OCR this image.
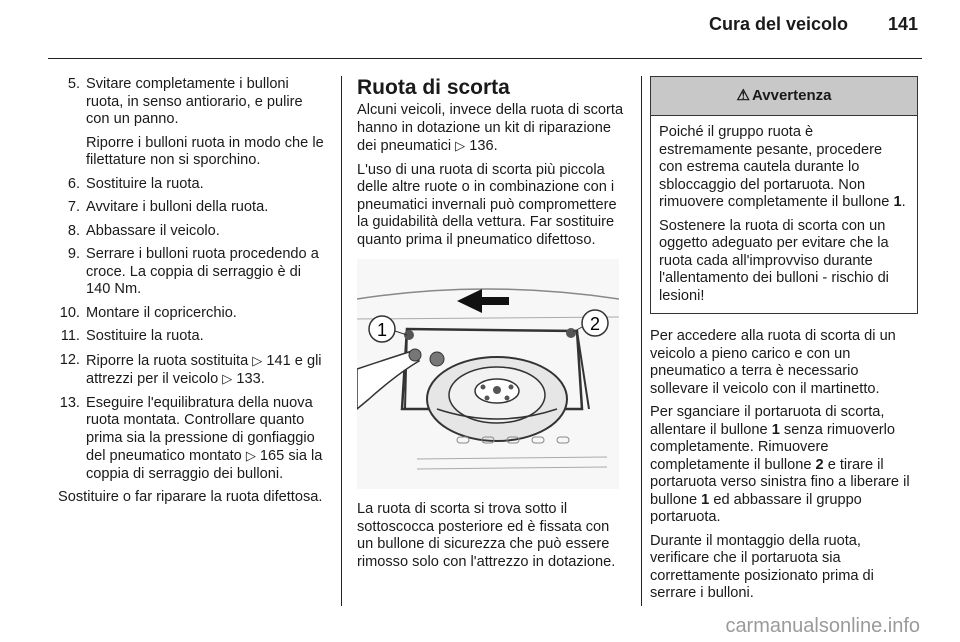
Cura del veicolo 141
5. Svitare completamente i bulloni ruota, in senso antiorario, e pulire con un panno.
Riporre i bulloni ruota in modo che le filettature non si sporchino.
6. Sostituire la ruota.
7. Avvitare i bulloni della ruota.
8. Abbassare il veicolo.
9. Serrare i bulloni ruota procedendo a croce. La coppia di serraggio è di 140 Nm.
10. Montare il copricerchio.
11. Sostituire la ruota.
12. Riporre la ruota sostituita ▷ 141 e gli attrezzi per il veicolo ▷ 133.
13. Eseguire l'equilibratura della nuova ruota montata. Controllare quanto prima sia la pressione di gonfiaggio del pneumatico montato ▷ 165 sia la coppia di serraggio dei bulloni.

Sostituire o far riparare la ruota difettosa.

Ruota di scorta

Alcuni veicoli, invece della ruota di scorta hanno in dotazione un kit di riparazione dei pneumatici ▷ 136.

L'uso di una ruota di scorta più piccola delle altre ruote o in combinazione con i pneumatici invernali può compromettere la guidabilità della vettura. Far sostituire quanto prima il pneumatico difettoso.

1	2

La ruota di scorta si trova sotto il sottoscocca posteriore ed è fissata con un bullone di sicurezza che può essere rimosso solo con l'attrezzo in dotazione.

⚠ Avvertenza

Poiché il gruppo ruota è estremamente pesante, procedere con estrema cautela durante lo sbloccaggio del portaruota. Non rimuovere completamente il bullone 1.

Sostenere la ruota di scorta con un oggetto adeguato per evitare che la ruota cada all'improvviso durante l'allentamento dei bulloni - rischio di lesioni!

Per accedere alla ruota di scorta di un veicolo a pieno carico e con un pneumatico a terra è necessario sollevare il veicolo con il martinetto.

Per sganciare il portaruota di scorta, allentare il bullone 1 senza rimuoverlo completamente. Rimuovere completamente il bullone 2 e tirare il portaruota verso sinistra fino a liberare il bullone 1 ed abbassare il gruppo portaruota.

Durante il montaggio della ruota, verificare che il portaruota sia correttamente posizionato prima di serrare i bulloni.

carmanualsonline.info
